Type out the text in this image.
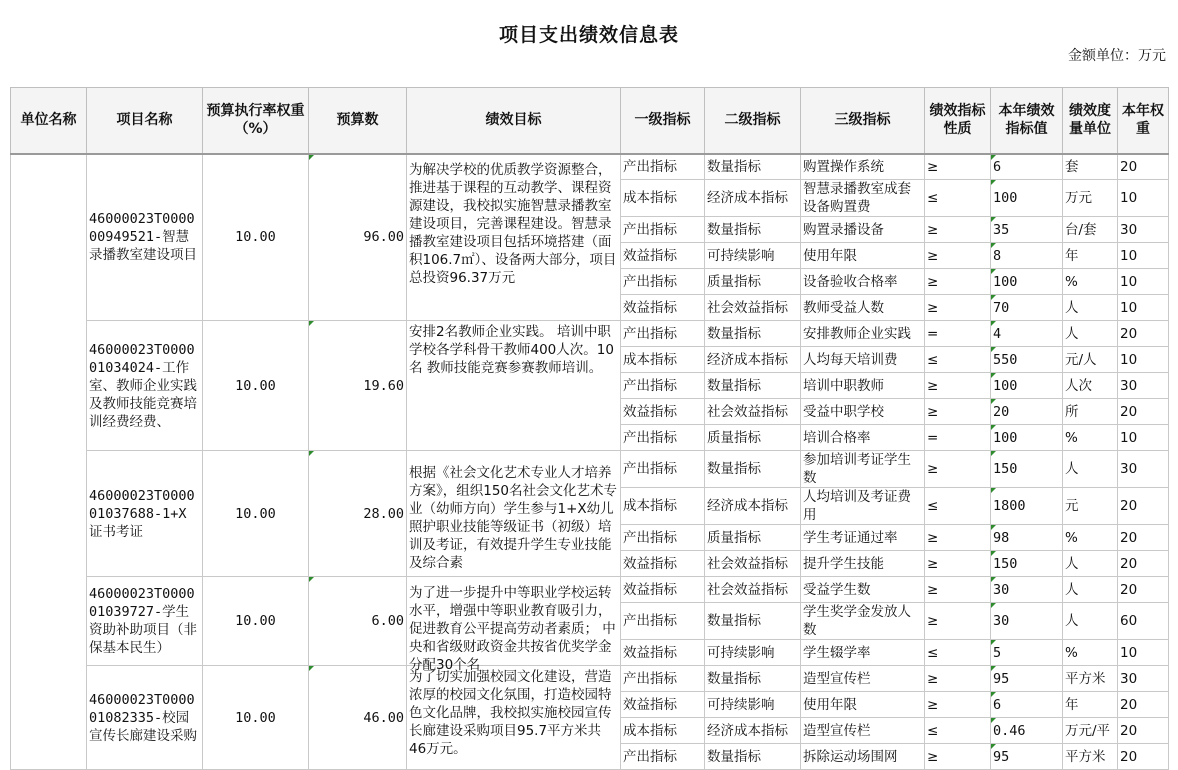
项目支出绩效信息表
金额单位：万元
单位名称	项目名称	预算执行率权重（%）	预算数	绩效目标	一级指标	二级指标	三级指标	绩效指标性质	本年绩效指标值	绩效度量单位	本年权重
	46000023T000000949521-智慧录播教室建设项目	10.00	96.00	为解决学校的优质教学资源整合，推进基于课程的互动教学、课程资源建设，我校拟实施智慧录播教室建设项目，完善课程建设。智慧录播教室建设项目包括环境搭建（面积106.7㎡）、设备两大部分，项目总投资96.37万元	产出指标	数量指标	购置操作系统	≥	6	套	20
					成本指标	经济成本指标	智慧录播教室成套设备购置费	≤	100	万元	10
					产出指标	数量指标	购置录播设备	≥	35	台/套	30
					效益指标	可持续影响	使用年限	≥	8	年	10
					产出指标	质量指标	设备验收合格率	≥	100	%	10
					效益指标	社会效益指标	教师受益人数	≥	70	人	10
	46000023T000001034024-工作室、教师企业实践及教师技能竞赛培训经费经费、	10.00	19.60	安排2名教师企业实践。 培训中职学校各学科骨干教师400人次。10名 教师技能竞赛参赛教师培训。	产出指标	数量指标	安排教师企业实践	=	4	人	20
					成本指标	经济成本指标	人均每天培训费	≤	550	元/人	10
					产出指标	数量指标	培训中职教师	≥	100	人次	30
					效益指标	社会效益指标	受益中职学校	≥	20	所	20
					产出指标	质量指标	培训合格率	=	100	%	10
	46000023T000001037688-1+X证书考证	10.00	28.00	根据《社会文化艺术专业人才培养方案》，组织150名社会文化艺术专业（幼师方向）学生参与1+X幼儿照护职业技能等级证书（初级）培训及考证，有效提升学生专业技能及综合素	产出指标	数量指标	参加培训考证学生数	≥	150	人	30
					成本指标	经济成本指标	人均培训及考证费用	≤	1800	元	20
					产出指标	质量指标	学生考证通过率	≥	98	%	20
					效益指标	社会效益指标	提升学生技能	≥	150	人	20
	46000023T000001039727-学生资助补助项目（非保基本民生）	10.00	6.00	为了进一步提升中等职业学校运转水平，增强中等职业教育吸引力，促进教育公平提高劳动者素质； 中央和省级财政资金共按省优奖学金分配30个名	效益指标	社会效益指标	受益学生数	≥	30	人	20
					产出指标	数量指标	学生奖学金发放人数	≥	30	人	60
					效益指标	可持续影响	学生辍学率	≤	5	%	10
	46000023T000001082335-校园宣传长廊建设采购	10.00	46.00	为了切实加强校园文化建设，营造浓厚的校园文化氛围，打造校园特色文化品牌，我校拟实施校园宣传长廊建设采购项目95.7平方米共46万元。	产出指标	数量指标	造型宣传栏	≥	95	平方米	30
					效益指标	可持续影响	使用年限	≥	6	年	20
					成本指标	经济成本指标	造型宣传栏	≤	0.46	万元/平	20
					产出指标	数量指标	拆除运动场围网	≥	95	平方米	20
